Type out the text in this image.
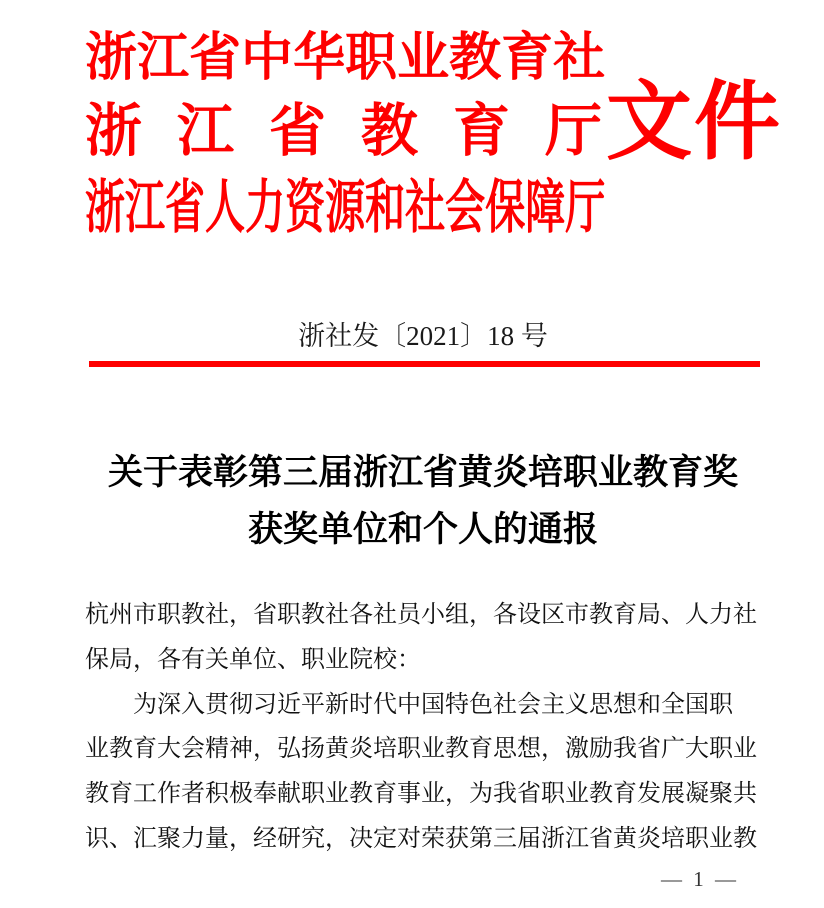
浙 江 省 中 华 职 业 教 育 社
浙 江 省 教 育 厅
浙江省人力资源和社会保障厅
文件
浙社发〔2021〕18 号
关于表彰第三届浙江省黄炎培职业教育奖
获奖单位和个人的通报
杭州市职教社，省职教社各社员小组，各设区市教育局、人力社
保局，各有关单位、职业院校：
为深入贯彻习近平新时代中国特色社会主义思想和全国职
业教育大会精神，弘扬黄炎培职业教育思想，激励我省广大职业
教育工作者积极奉献职业教育事业，为我省职业教育发展凝聚共
识、汇聚力量，经研究，决定对荣获第三届浙江省黄炎培职业教
— 1 —
